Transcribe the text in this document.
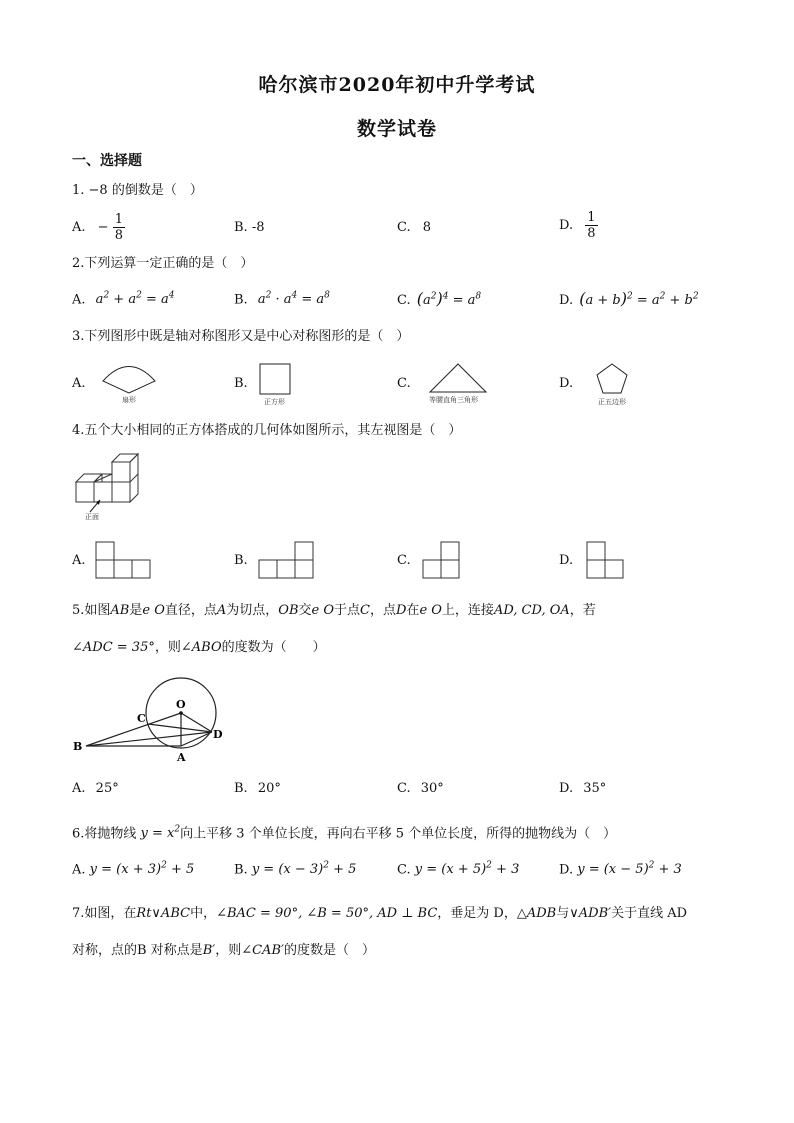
哈尔滨市2020年初中升学考试
数学试卷
一、选择题
1. −8 的倒数是（　）
A. − $\frac{1}{8}$	B. -8	C. 8	D. $\frac{1}{8}$
2.下列运算一定正确的是（　）
A. $a^2 + a^2 = a^4$	B. $a^2 \cdot a^4 = a^8$	C. $(a^2)^4 = a^8$	D. $(a + b)^2 = a^2 + b^2$
3.下列图形中既是轴对称图形又是中心对称图形的是（　）
A.	B.	C.	D.
扇形	正方形	等腰直角三角形	正五边形
正面
O
C
B
A
D
4.五个大小相同的正方体搭成的几何体如图所示，其左视图是（　）
A.	B.	C.	D.
5.如图AB是e O直径，点A为切点，OB交e O于点C，点D在e O上，连接AD, CD, OA，若
∠ADC = 35°，则∠ABO的度数为（　　）
A. 25°	B. 20°	C. 30°	D. 35°
6.将抛物线 $y = x^2$向上平移 3 个单位长度，再向右平移 5 个单位长度，所得的抛物线为（　）
A. $y = (x + 3)^2 + 5$	B. $y = (x - 3)^2 + 5$	C. $y = (x + 5)^2 + 3$	D. $y = (x - 5)^2 + 3$
7.如图，在Rt∨ABC中，∠BAC = 90°, ∠B = 50°, AD ⊥ BC，垂足为 D，△ADB与∨ADB′关于直线 AD
对称，点的B 对称点是B′，则∠CAB′的度数是（　）
